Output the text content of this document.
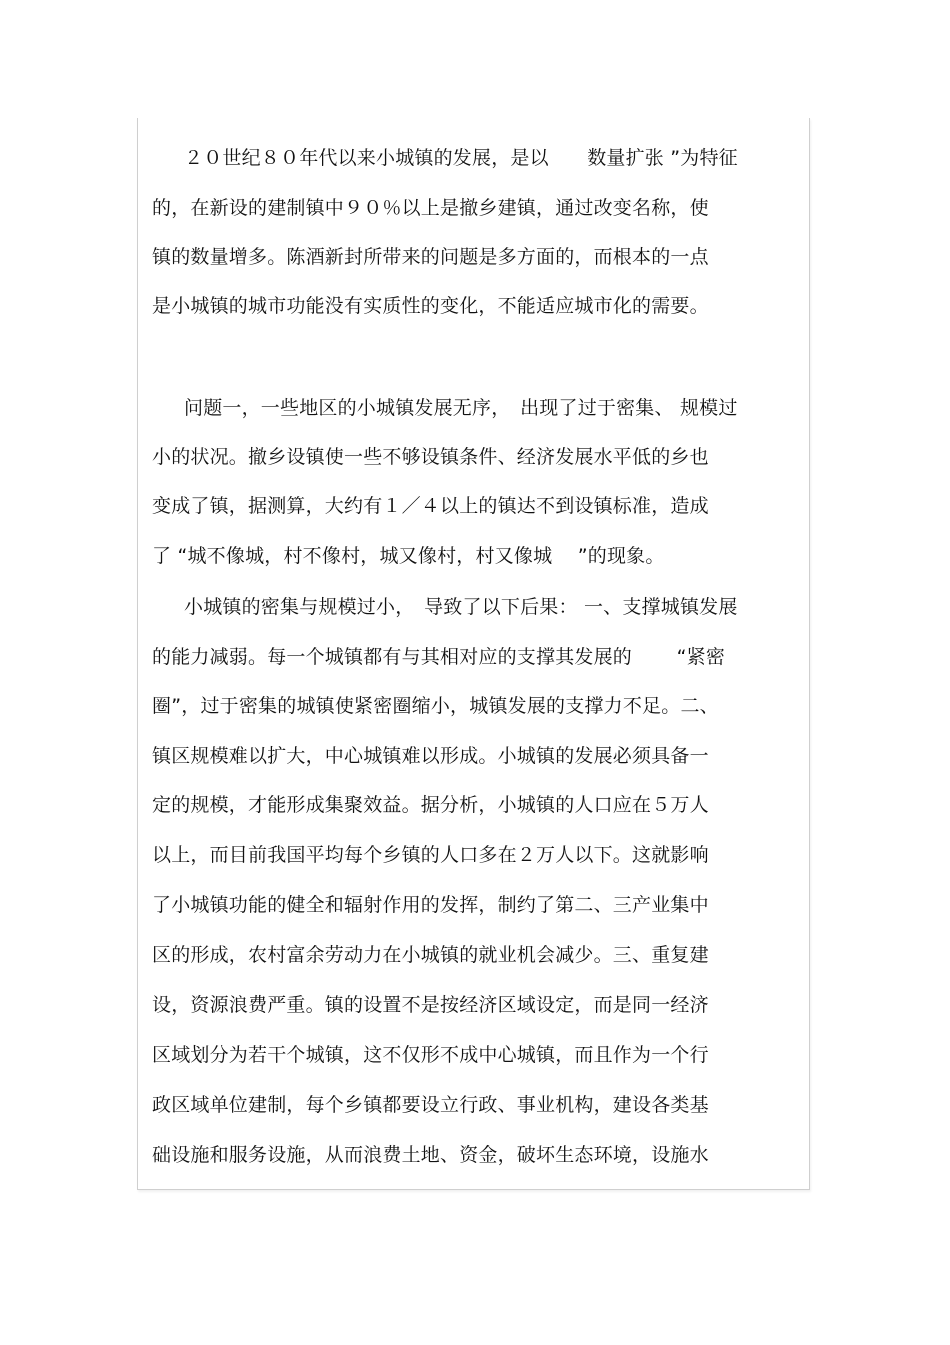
２０世纪８０年代以来小城镇的发展，是以　　数量扩张 ”为特征
的，在新设的建制镇中９０％以上是撤乡建镇，通过改变名称，使
镇的数量增多。陈酒新封所带来的问题是多方面的，而根本的一点
是小城镇的城市功能没有实质性的变化，不能适应城市化的需要。
问题一，一些地区的小城镇发展无序，　出现了过于密集、 规模过
小的状况。撤乡设镇使一些不够设镇条件、经济发展水平低的乡也
变成了镇，据测算，大约有１／４以上的镇达不到设镇标准，造成
了 “城不像城，村不像村，城又像村，村又像城　 ”的现象。
小城镇的密集与规模过小，　导致了以下后果： 一、支撑城镇发展
的能力减弱。每一个城镇都有与其相对应的支撑其发展的　　 “紧密
圈”，过于密集的城镇使紧密圈缩小，城镇发展的支撑力不足。二、
镇区规模难以扩大，中心城镇难以形成。小城镇的发展必须具备一
定的规模，才能形成集聚效益。据分析，小城镇的人口应在５万人
以上，而目前我国平均每个乡镇的人口多在２万人以下。这就影响
了小城镇功能的健全和辐射作用的发挥，制约了第二、三产业集中
区的形成，农村富余劳动力在小城镇的就业机会减少。三、重复建
设，资源浪费严重。镇的设置不是按经济区域设定，而是同一经济
区域划分为若干个城镇，这不仅形不成中心城镇，而且作为一个行
政区域单位建制，每个乡镇都要设立行政、事业机构，建设各类基
础设施和服务设施，从而浪费土地、资金，破坏生态环境，设施水
